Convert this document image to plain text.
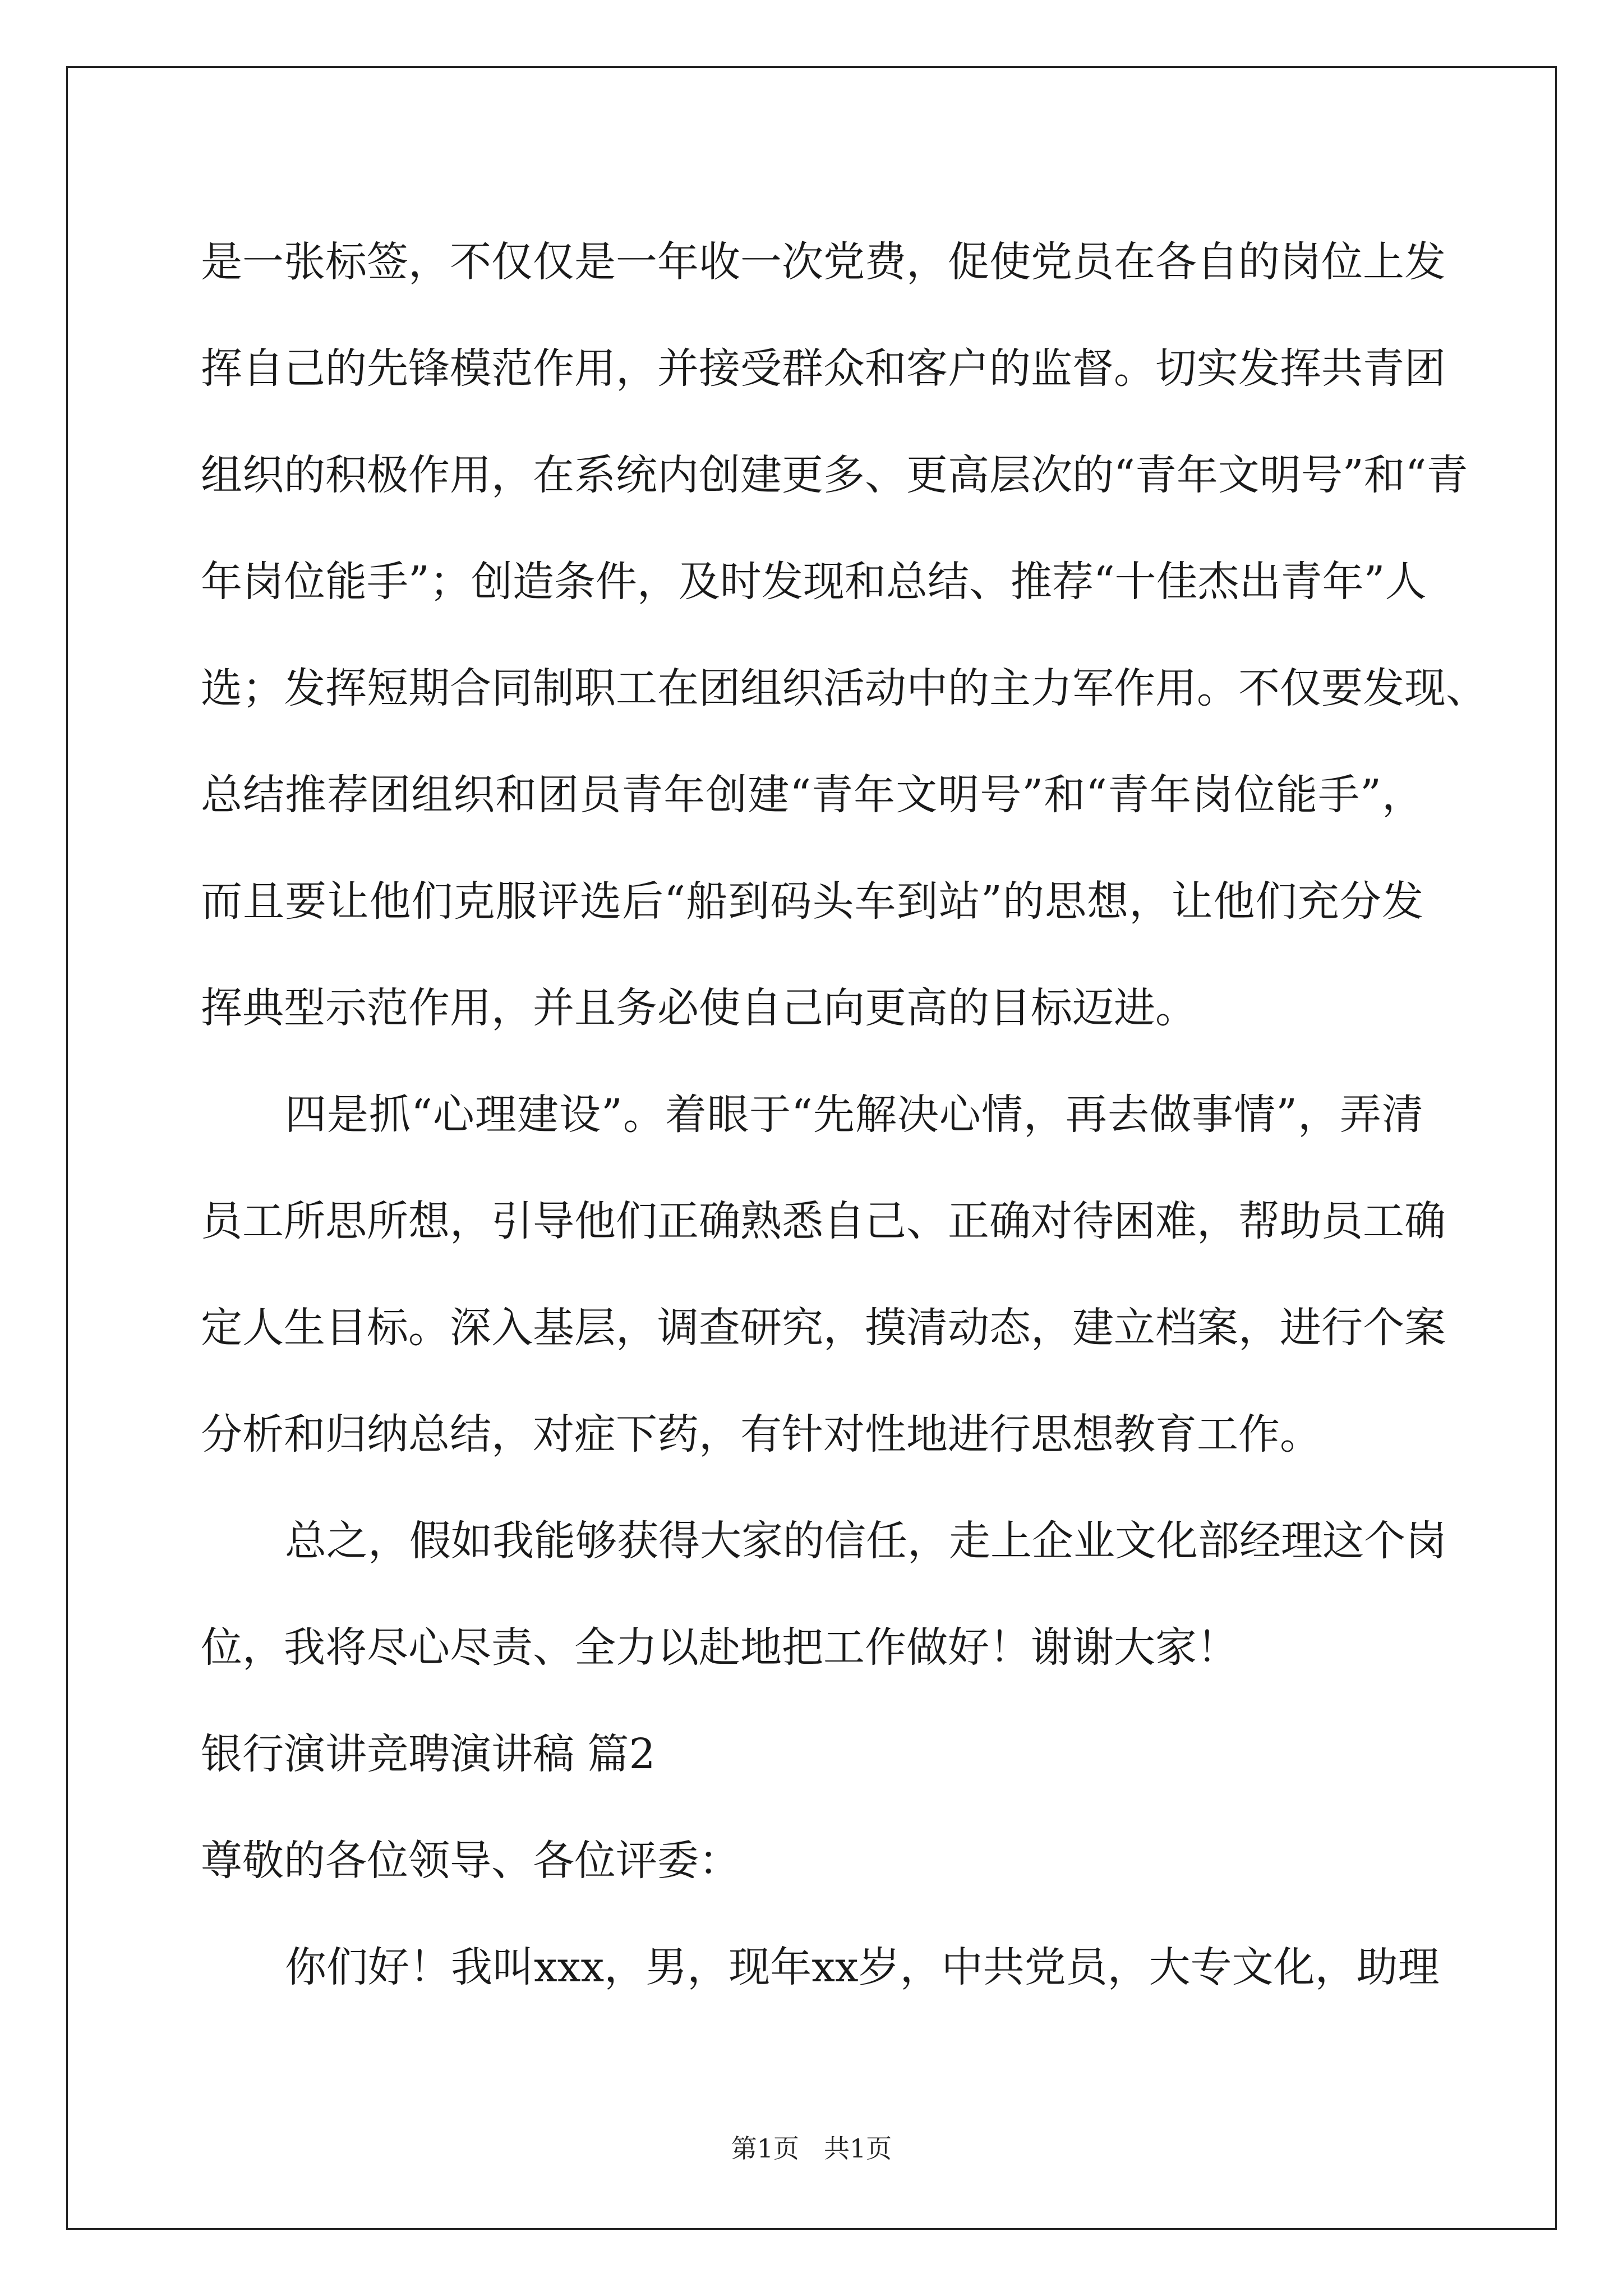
是一张标签，不仅仅是一年收一次党费，促使党员在各自的岗位上发
挥自己的先锋模范作用，并接受群众和客户的监督。切实发挥共青团
组织的积极作用，在系统内创建更多、更高层次的“青年文明号”和“青
年岗位能手”；创造条件，及时发现和总结、推荐“十佳杰出青年”人
选；发挥短期合同制职工在团组织活动中的主力军作用。不仅要发现、
总结推荐团组织和团员青年创建“青年文明号”和“青年岗位能手”，
而且要让他们克服评选后“船到码头车到站”的思想，让他们充分发
挥典型示范作用，并且务必使自己向更高的目标迈进。
四是抓“心理建设”。着眼于“先解决心情，再去做事情”，弄清
员工所思所想，引导他们正确熟悉自己、正确对待困难，帮助员工确
定人生目标。深入基层，调查研究，摸清动态，建立档案，进行个案
分析和归纳总结，对症下药，有针对性地进行思想教育工作。
总之，假如我能够获得大家的信任，走上企业文化部经理这个岗
位，我将尽心尽责、全力以赴地把工作做好！谢谢大家！
银行演讲竞聘演讲稿 篇2
尊敬的各位领导、各位评委：
你们好！我叫xxx，男，现年xx岁，中共党员，大专文化，助理
第1页 共1页
